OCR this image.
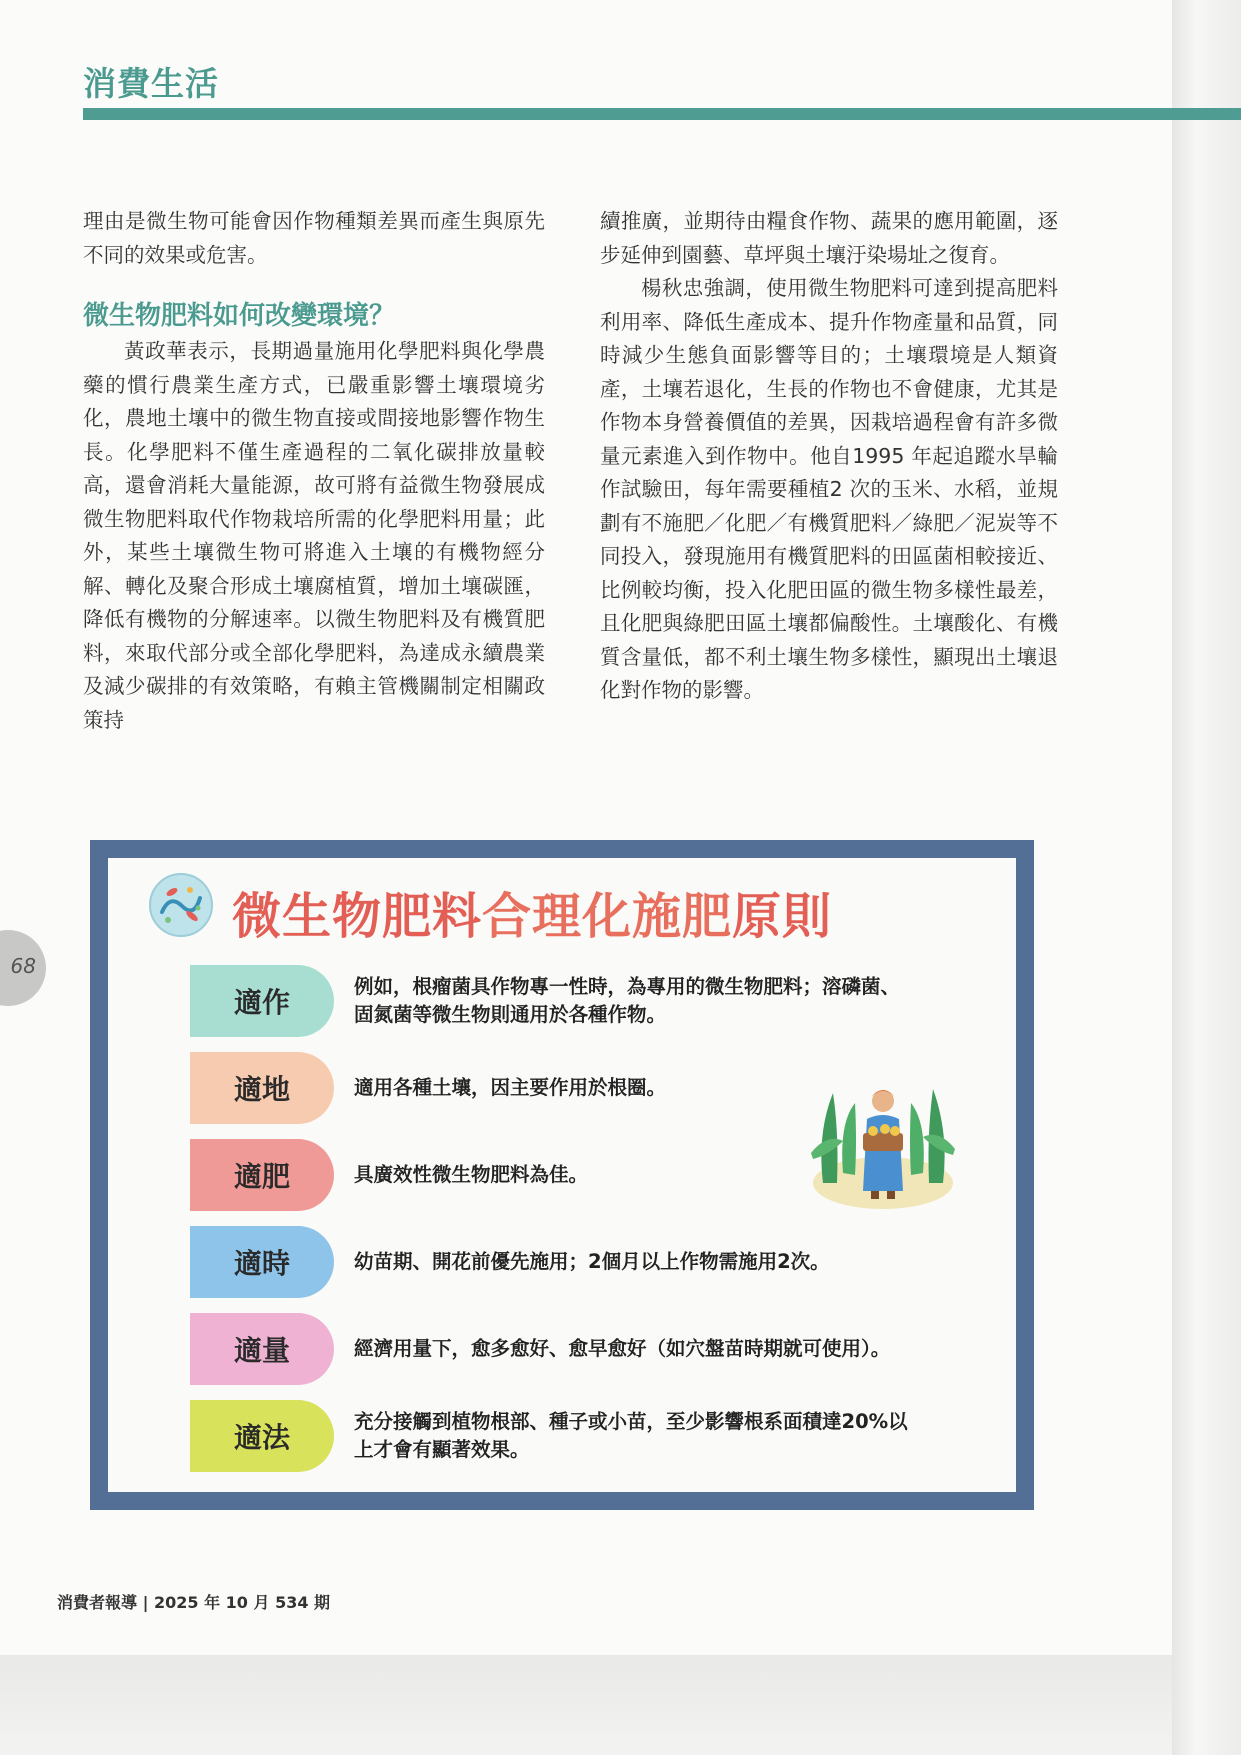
消費生活

理由是微生物可能會因作物種類差異而產生與原先不同的效果或危害。

微生物肥料如何改變環境？

黃政華表示，長期過量施用化學肥料與化學農藥的慣行農業生產方式，已嚴重影響土壤環境劣化，農地土壤中的微生物直接或間接地影響作物生長。化學肥料不僅生產過程的二氧化碳排放量較高，還會消耗大量能源，故可將有益微生物發展成微生物肥料取代作物栽培所需的化學肥料用量；此外，某些土壤微生物可將進入土壤的有機物經分解、轉化及聚合形成土壤腐植質，增加土壤碳匯，降低有機物的分解速率。以微生物肥料及有機質肥料，來取代部分或全部化學肥料，為達成永續農業及減少碳排的有效策略，有賴主管機關制定相關政策持

續推廣，並期待由糧食作物、蔬果的應用範圍，逐步延伸到園藝、草坪與土壤汙染場址之復育。

楊秋忠強調，使用微生物肥料可達到提高肥料利用率、降低生產成本、提升作物產量和品質，同時減少生態負面影響等目的；土壤環境是人類資產，土壤若退化，生長的作物也不會健康，尤其是作物本身營養價值的差異，因栽培過程會有許多微量元素進入到作物中。他自1995 年起追蹤水旱輪作試驗田，每年需要種植2 次的玉米、水稻，並規劃有不施肥／化肥／有機質肥料／綠肥／泥炭等不同投入，發現施用有機質肥料的田區菌相較接近、比例較均衡，投入化肥田區的微生物多樣性最差，且化肥與綠肥田區土壤都偏酸性。土壤酸化、有機質含量低，都不利土壤生物多樣性，顯現出土壤退化對作物的影響。

68
微生物肥料合理化施肥原則
適作	例如，根瘤菌具作物專一性時，為專用的微生物肥料；溶磷菌、固氮菌等微生物則通用於各種作物。

適地	適用各種土壤，因主要作用於根圈。

適肥	具廣效性微生物肥料為佳。

適時	幼苗期、開花前優先施用；2個月以上作物需施用2次。

適量	經濟用量下，愈多愈好、愈早愈好（如穴盤苗時期就可使用）。

適法	充分接觸到植物根部、種子或小苗，至少影響根系面積達20%以上才會有顯著效果。

消費者報導 | 2025 年 10 月 534 期
